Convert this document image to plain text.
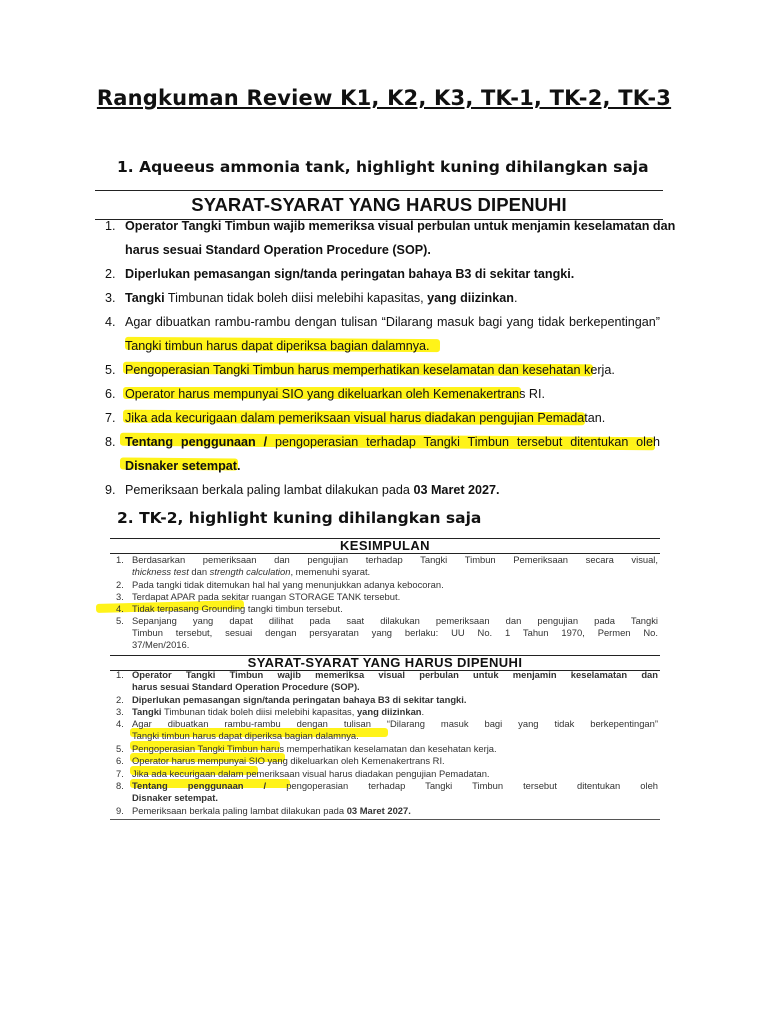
Rangkuman Review K1, K2, K3, TK-1, TK-2, TK-3
1. Aqueeus ammonia tank, highlight kuning dihilangkan saja
SYARAT-SYARAT YANG HARUS DIPENUHI
1. Operator Tangki Timbun wajib memeriksa visual perbulan untuk menjamin keselamatan dan
harus sesuai Standard Operation Procedure (SOP).
2. Diperlukan pemasangan sign/tanda peringatan bahaya B3 di sekitar tangki.
3. Tangki Timbunan tidak boleh diisi melebihi kapasitas, yang diizinkan.
4. Agar dibuatkan rambu-rambu dengan tulisan “Dilarang masuk bagi yang tidak berkepentingan”
Tangki timbun harus dapat diperiksa bagian dalamnya.
5. Pengoperasian Tangki Timbun harus memperhatikan keselamatan dan kesehatan kerja.
6. Operator harus mempunyai SIO yang dikeluarkan oleh Kemenakertrans RI.
7. Jika ada kecurigaan dalam pemeriksaan visual harus diadakan pengujian Pemadatan.
8. Tentang penggunaan / pengoperasian terhadap Tangki Timbun tersebut ditentukan oleh
Disnaker setempat.
9. Pemeriksaan berkala paling lambat dilakukan pada 03 Maret 2027.
2. TK-2, highlight kuning dihilangkan saja
KESIMPULAN
1. Berdasarkan pemeriksaan dan pengujian terhadap Tangki Timbun Pemeriksaan secara visual,
thickness test dan strength calculation, memenuhi syarat.
2. Pada tangki tidak ditemukan hal hal yang menunjukkan adanya kebocoran.
3. Terdapat APAR pada sekitar ruangan STORAGE TANK tersebut.
4. Tidak terpasang Grounding tangki timbun tersebut.
5. Sepanjang yang dapat dilihat pada saat dilakukan pemeriksaan dan pengujian pada Tangki
Timbun tersebut, sesuai dengan persyaratan yang berlaku: UU No. 1 Tahun 1970, Permen No.
37/Men/2016.
SYARAT-SYARAT YANG HARUS DIPENUHI
1. Operator Tangki Timbun wajib memeriksa visual perbulan untuk menjamin keselamatan dan
harus sesuai Standard Operation Procedure (SOP).
2. Diperlukan pemasangan sign/tanda peringatan bahaya B3 di sekitar tangki.
3. Tangki Timbunan tidak boleh diisi melebihi kapasitas, yang diizinkan.
4. Agar dibuatkan rambu-rambu dengan tulisan “Dilarang masuk bagi yang tidak berkepentingan”
Tangki timbun harus dapat diperiksa bagian dalamnya.
5. Pengoperasian Tangki Timbun harus memperhatikan keselamatan dan kesehatan kerja.
6. Operator harus mempunyai SIO yang dikeluarkan oleh Kemenakertrans RI.
7. Jika ada kecurigaan dalam pemeriksaan visual harus diadakan pengujian Pemadatan.
8. Tentang penggunaan / pengoperasian terhadap Tangki Timbun tersebut ditentukan oleh
Disnaker setempat.
9. Pemeriksaan berkala paling lambat dilakukan pada 03 Maret 2027.
